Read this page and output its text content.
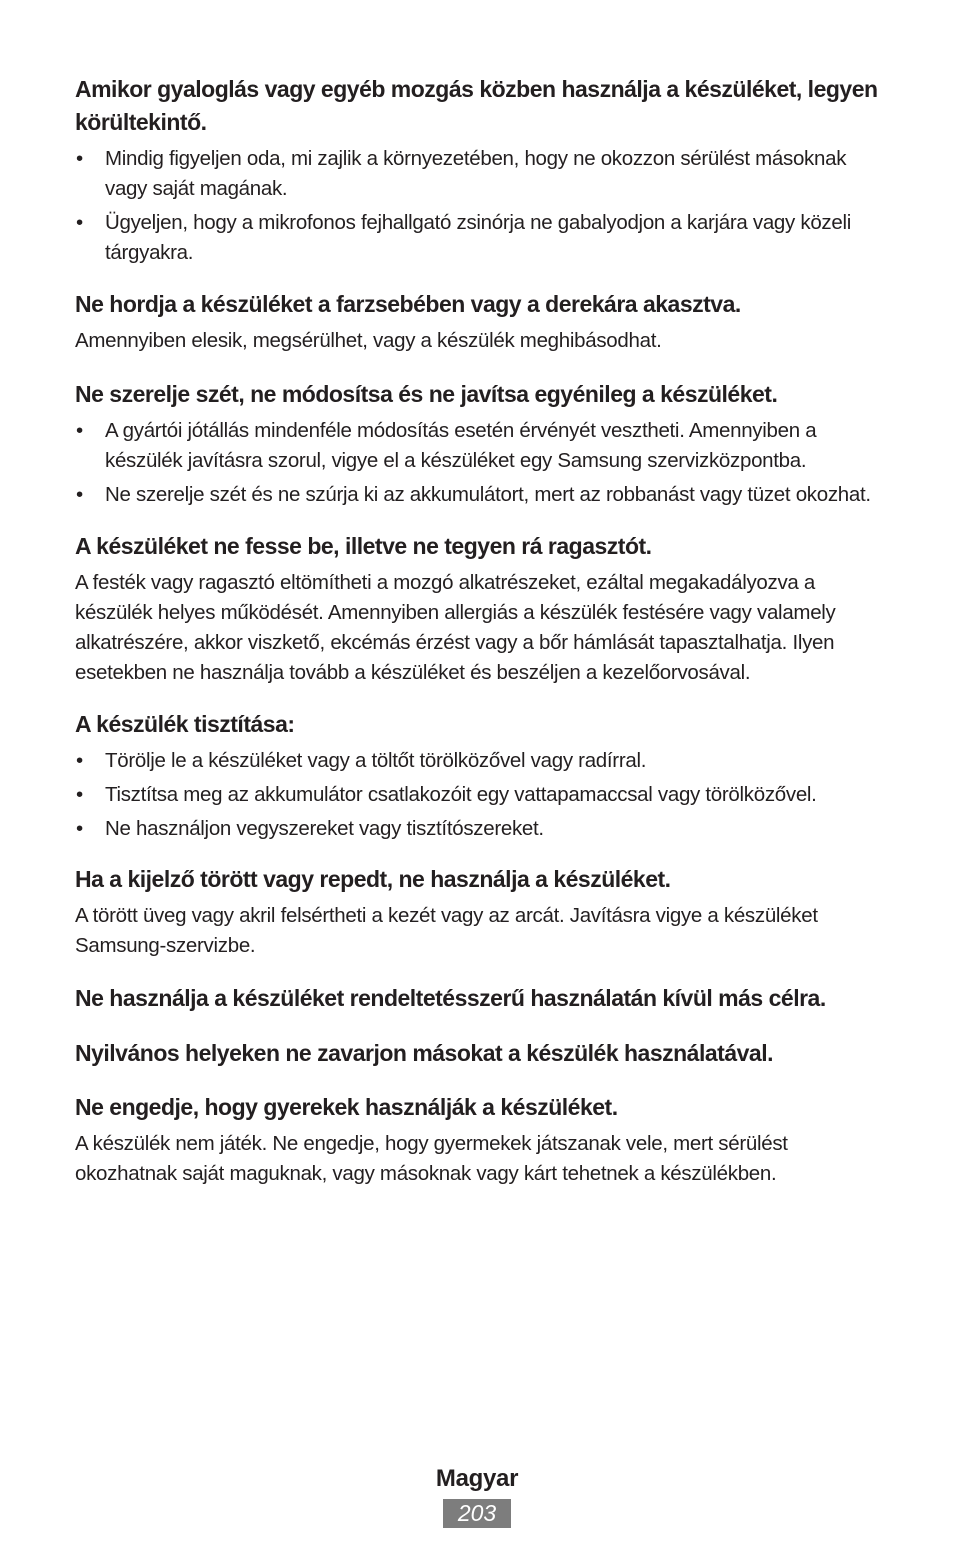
Amikor gyaloglás vagy egyéb mozgás közben használja a készüléket, legyen körültekintő.
• Mindig figyeljen oda, mi zajlik a környezetében, hogy ne okozzon sérülést másoknak vagy saját magának.
• Ügyeljen, hogy a mikrofonos fejhallgató zsinórja ne gabalyodjon a karjára vagy közeli tárgyakra.
Ne hordja a készüléket a farzsebében vagy a derekára akasztva.

Amennyiben elesik, megsérülhet, vagy a készülék meghibásodhat.

Ne szerelje szét, ne módosítsa és ne javítsa egyénileg a készüléket.
• A gyártói jótállás mindenféle módosítás esetén érvényét vesztheti. Amennyiben a készülék javításra szorul, vigye el a készüléket egy Samsung szervizközpontba.
• Ne szerelje szét és ne szúrja ki az akkumulátort, mert az robbanást vagy tüzet okozhat.
A készüléket ne fesse be, illetve ne tegyen rá ragasztót.

A festék vagy ragasztó eltömítheti a mozgó alkatrészeket, ezáltal megakadályozva a készülék helyes működését. Amennyiben allergiás a készülék festésére vagy valamely alkatrészére, akkor viszkető, ekcémás érzést vagy a bőr hámlását tapasztalhatja. Ilyen esetekben ne használja tovább a készüléket és beszéljen a kezelőorvosával.

A készülék tisztítása:
• Törölje le a készüléket vagy a töltőt törölközővel vagy radírral.
• Tisztítsa meg az akkumulátor csatlakozóit egy vattapamaccsal vagy törölközővel.
• Ne használjon vegyszereket vagy tisztítószereket.
Ha a kijelző törött vagy repedt, ne használja a készüléket.

A törött üveg vagy akril felsértheti a kezét vagy az arcát. Javításra vigye a készüléket Samsung-szervizbe.

Ne használja a készüléket rendeltetésszerű használatán kívül más célra.
Nyilvános helyeken ne zavarjon másokat a készülék használatával.
Ne engedje, hogy gyerekek használják a készüléket.

A készülék nem játék. Ne engedje, hogy gyermekek játszanak vele, mert sérülést okozhatnak saját maguknak, vagy másoknak vagy kárt tehetnek a készülékben.

Magyar
203
